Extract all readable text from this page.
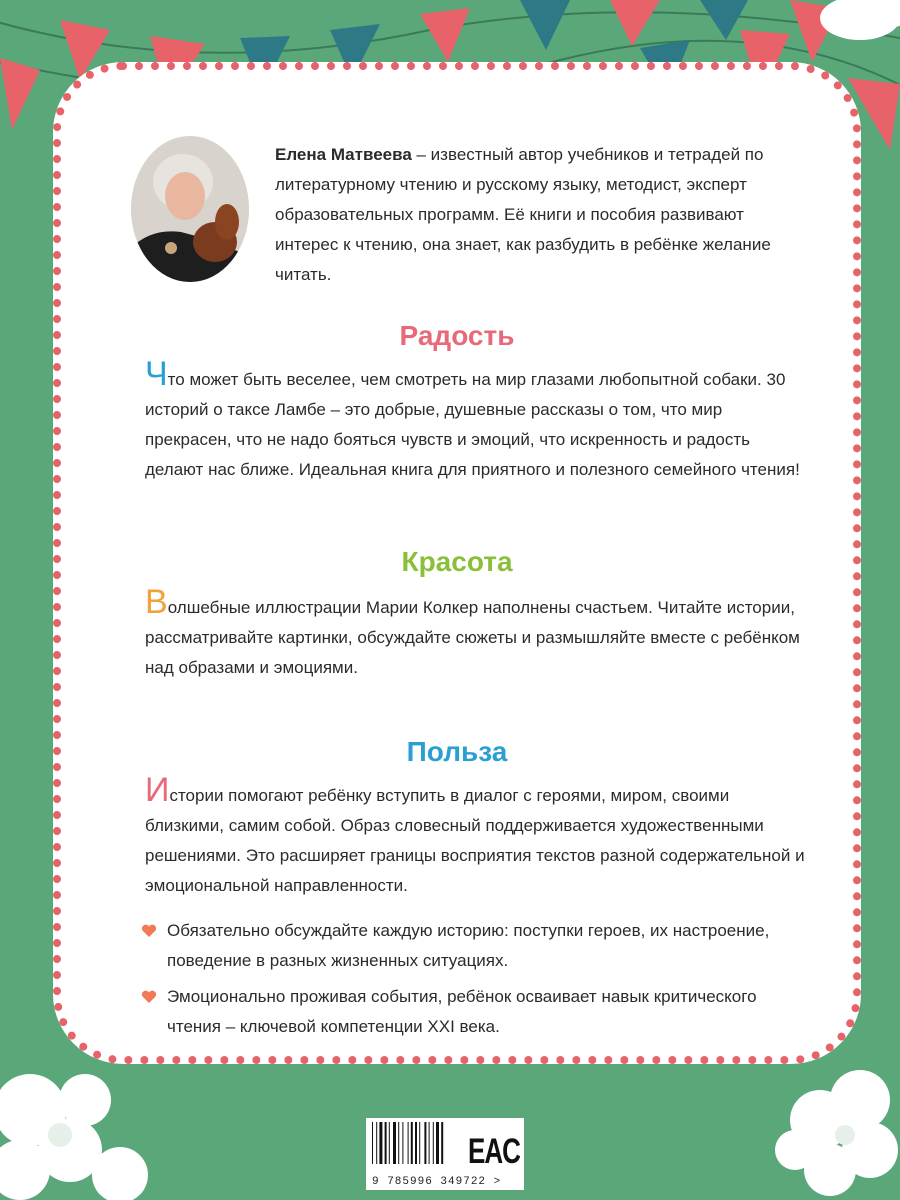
Елена Матвеева – известный автор учебников и тетрадей по литературному чтению и русскому языку, методист, эксперт образовательных программ. Её книги и пособия развивают интерес к чтению, она знает, как разбудить в ребёнке желание читать.
Радость
Что может быть веселее, чем смотреть на мир глазами любопытной собаки. 30 историй о таксе Ламбе – это добрые, душевные рассказы о том, что мир прекрасен, что не надо бояться чувств и эмоций, что искренность и радость делают нас ближе. Идеальная книга для приятного и полезного семейного чтения!
Красота
Волшебные иллюстрации Марии Колкер наполнены счастьем. Читайте истории, рассматривайте картинки, обсуждайте сюжеты и размышляйте вместе с ребёнком над образами и эмоциями.
Польза
Истории помогают ребёнку вступить в диалог с героями, миром, своими близкими, самим собой. Образ словесный поддерживается художественными решениями. Это расширяет границы восприятия текстов разной содержательной и эмоциональной направленности.
Обязательно обсуждайте каждую историю: поступки героев, их настроение, поведение в разных жизненных ситуациях.
Эмоционально проживая события, ребёнок осваивает навык критического чтения – ключевой компетенции XXI века.
9 785996 349722 >
EAC
